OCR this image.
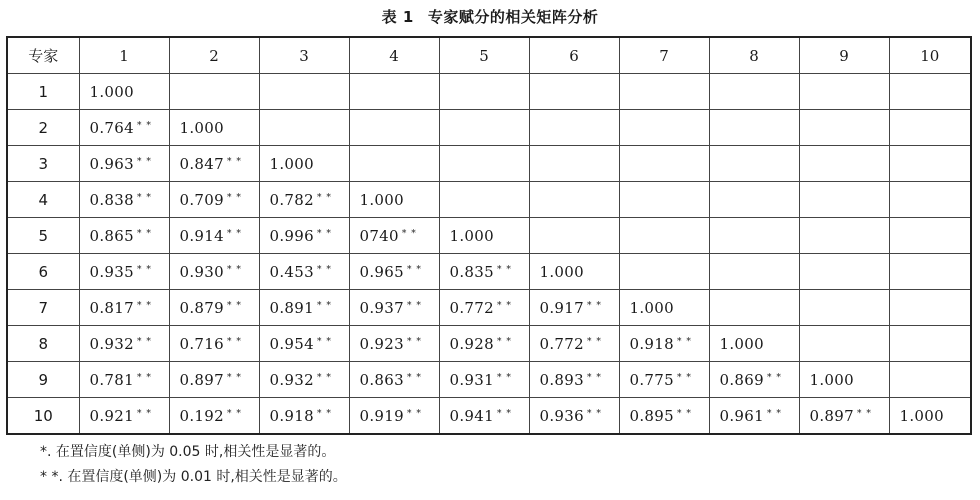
表 1 专家赋分的相关矩阵分析
专家	1	2	3	4	5	6	7	8	9	10
1	1.000									
2	0.764 * *	1.000								
3	0.963 * *	0.847 * *	1.000							
4	0.838 * *	0.709 * *	0.782 * *	1.000						
5	0.865 * *	0.914 * *	0.996 * *	0740 * *	1.000					
6	0.935 * *	0.930 * *	0.453 * *	0.965 * *	0.835 * *	1.000				
7	0.817 * *	0.879 * *	0.891 * *	0.937 * *	0.772 * *	0.917 * *	1.000			
8	0.932 * *	0.716 * *	0.954 * *	0.923 * *	0.928 * *	0.772 * *	0.918 * *	1.000		
9	0.781 * *	0.897 * *	0.932 * *	0.863 * *	0.931 * *	0.893 * *	0.775 * *	0.869 * *	1.000	
10	0.921 * *	0.192 * *	0.918 * *	0.919 * *	0.941 * *	0.936 * *	0.895 * *	0.961 * *	0.897 * *	1.000
*. 在置信度(单侧)为 0.05 时,相关性是显著的。
* *. 在置信度(单侧)为 0.01 时,相关性是显著的。
